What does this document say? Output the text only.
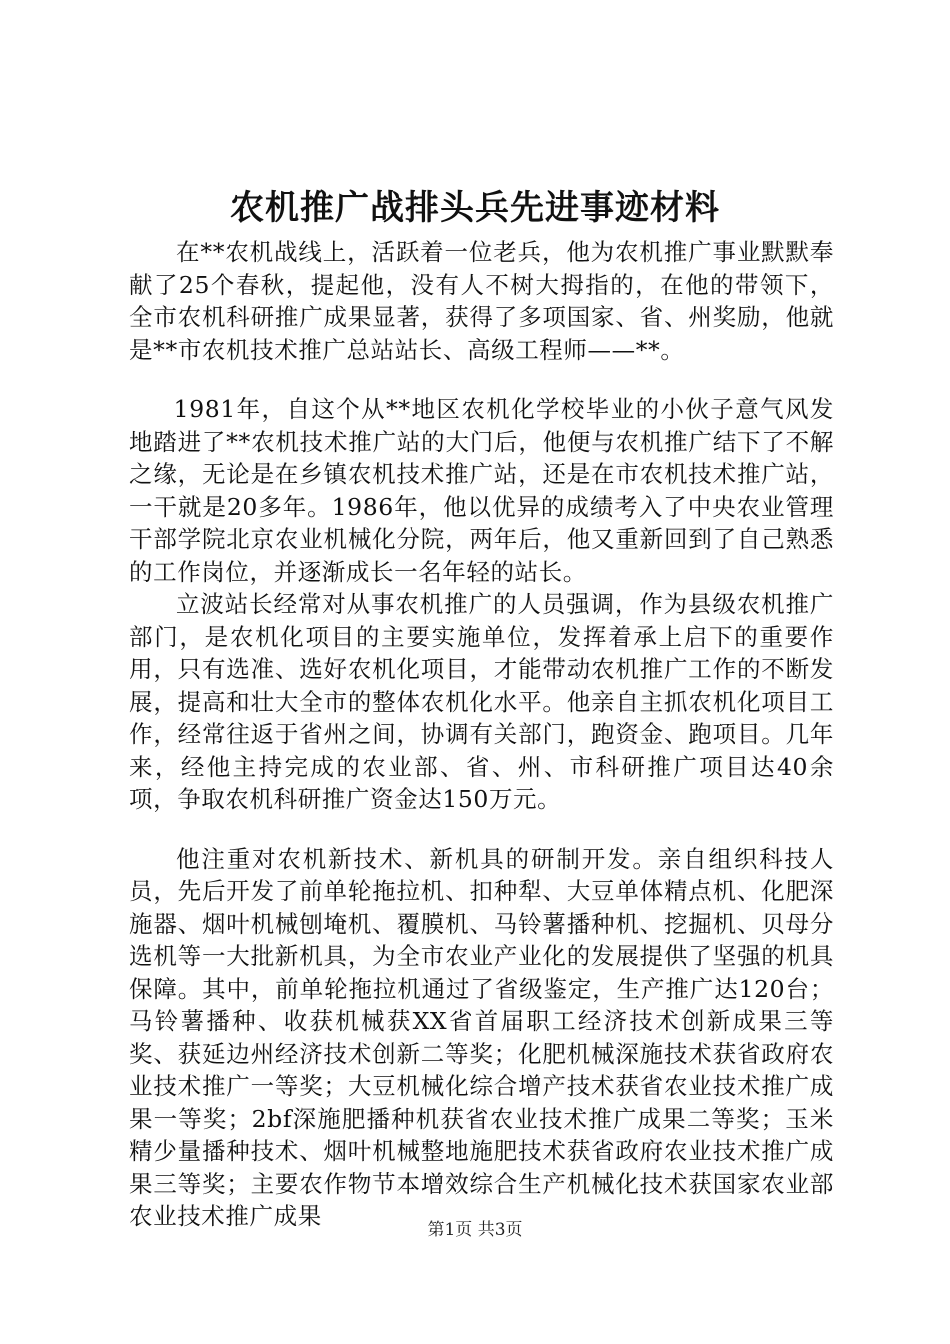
农机推广战排头兵先进事迹材料

在**农机战线上，活跃着一位老兵，他为农机推广事业默默奉献了25个春秋，提起他，没有人不树大拇指的，在他的带领下，全市农机科研推广成果显著，获得了多项国家、省、州奖励，他就是**市农机技术推广总站站长、高级工程师——**。

1981年，自这个从**地区农机化学校毕业的小伙子意气风发地踏进了**农机技术推广站的大门后，他便与农机推广结下了不解之缘，无论是在乡镇农机技术推广站，还是在市农机技术推广站，一干就是20多年。1986年，他以优异的成绩考入了中央农业管理干部学院北京农业机械化分院，两年后，他又重新回到了自己熟悉的工作岗位，并逐渐成长一名年轻的站长。

立波站长经常对从事农机推广的人员强调，作为县级农机推广部门，是农机化项目的主要实施单位，发挥着承上启下的重要作用，只有选准、选好农机化项目，才能带动农机推广工作的不断发展，提高和壮大全市的整体农机化水平。他亲自主抓农机化项目工作，经常往返于省州之间，协调有关部门，跑资金、跑项目。几年来，经他主持完成的农业部、省、州、市科研推广项目达40余项，争取农机科研推广资金达150万元。

他注重对农机新技术、新机具的研制开发。亲自组织科技人员，先后开发了前单轮拖拉机、扣种犁、大豆单体精点机、化肥深施器、烟叶机械刨埯机、覆膜机、马铃薯播种机、挖掘机、贝母分选机等一大批新机具，为全市农业产业化的发展提供了坚强的机具保障。其中，前单轮拖拉机通过了省级鉴定，生产推广达120台；马铃薯播种、收获机械获XX省首届职工经济技术创新成果三等奖、获延边州经济技术创新二等奖；化肥机械深施技术获省政府农业技术推广一等奖；大豆机械化综合增产技术获省农业技术推广成果一等奖；2bf深施肥播种机获省农业技术推广成果二等奖；玉米精少量播种技术、烟叶机械整地施肥技术获省政府农业技术推广成果三等奖；主要农作物节本增效综合生产机械化技术获国家农业部农业技术推广成果	第1页 共3页
